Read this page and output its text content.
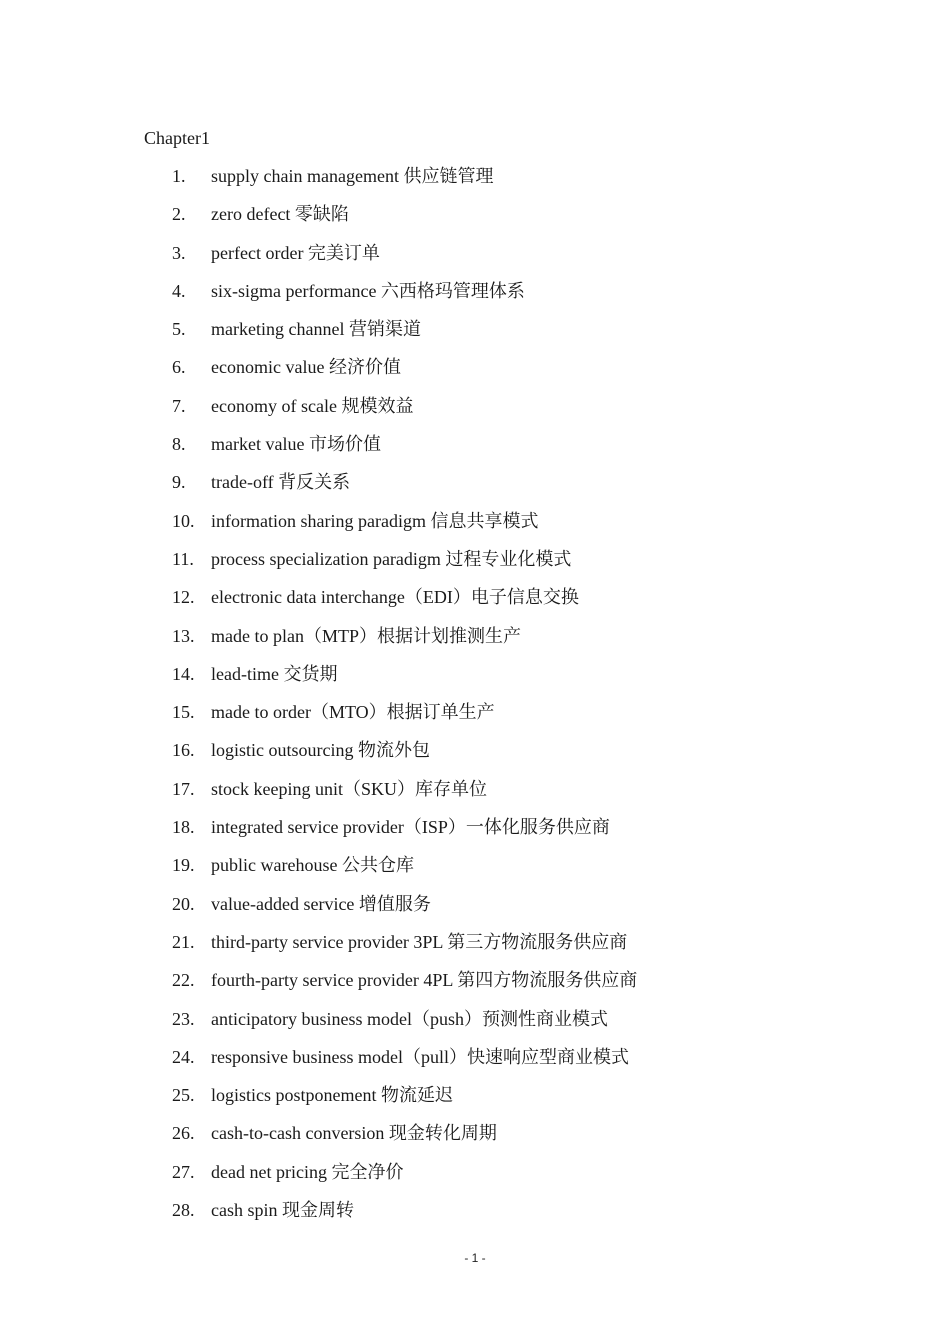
Chapter1
1. supply chain management 供应链管理
2. zero defect 零缺陷
3. perfect order 完美订单
4. six-sigma performance 六西格玛管理体系
5. marketing channel 营销渠道
6. economic value 经济价值
7. economy of scale 规模效益
8. market value 市场价值
9. trade-off 背反关系
10. information sharing paradigm 信息共享模式
11. process specialization paradigm 过程专业化模式
12. electronic data interchange（EDI）电子信息交换
13. made to plan（MTP）根据计划推测生产
14. lead-time 交货期
15. made to order（MTO）根据订单生产
16. logistic outsourcing 物流外包
17. stock keeping unit（SKU）库存单位
18. integrated service provider（ISP）一体化服务供应商
19. public warehouse 公共仓库
20. value-added service 增值服务
21. third-party service provider 3PL 第三方物流服务供应商
22. fourth-party service provider 4PL 第四方物流服务供应商
23. anticipatory business model（push）预测性商业模式
24. responsive business model（pull）快速响应型商业模式
25. logistics postponement 物流延迟
26. cash-to-cash conversion 现金转化周期
27. dead net pricing 完全净价
28. cash spin 现金周转
- 1 -
